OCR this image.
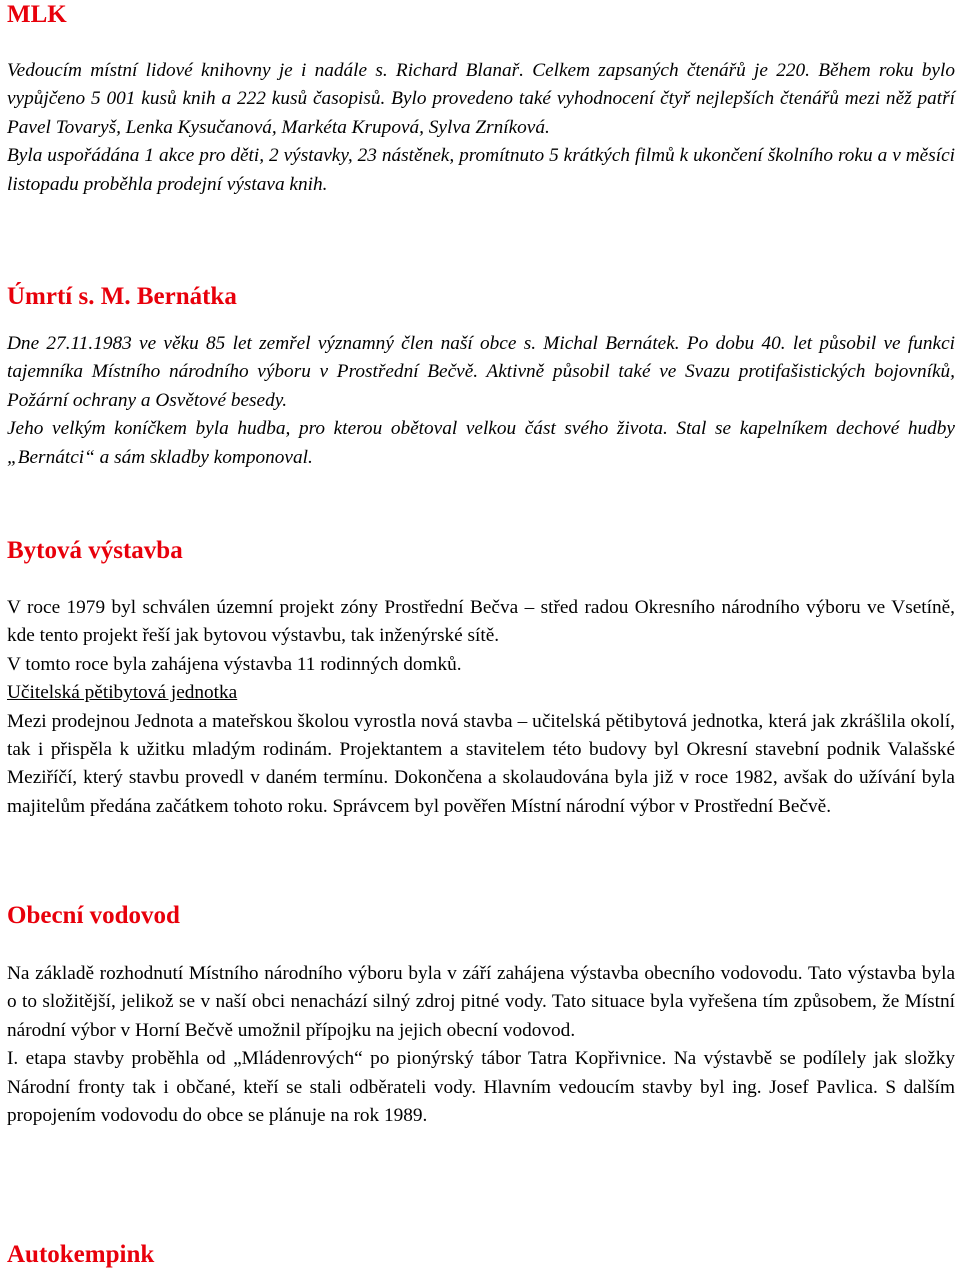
MLK

Vedoucím místní lidové knihovny je i nadále s. Richard Blanař. Celkem zapsaných čtenářů je 220. Během roku bylo vypůjčeno 5 001 kusů knih a 222 kusů časopisů. Bylo provedeno také vyhodnocení čtyř nejlepších čtenářů mezi něž patří Pavel Tovaryš, Lenka Kysučanová, Markéta Krupová, Sylva Zrníková.

Byla uspořádána 1 akce pro děti, 2 výstavky, 23 nástěnek, promítnuto 5 krátkých filmů k ukončení školního roku a v měsíci listopadu proběhla prodejní výstava knih.

Úmrtí s. M. Bernátka

Dne 27.11.1983 ve věku 85 let zemřel významný člen naší obce s. Michal Bernátek. Po dobu 40. let působil ve funkci tajemníka Místního národního výboru v Prostřední Bečvě. Aktivně působil také ve Svazu protifašistických bojovníků, Požární ochrany a Osvětové besedy.

Jeho velkým koníčkem byla hudba, pro kterou obětoval velkou část svého života. Stal se kapelníkem dechové hudby „Bernátci“ a sám skladby komponoval.

Bytová výstavba

V roce 1979 byl schválen územní projekt zóny Prostřední Bečva – střed radou Okresního národního výboru ve Vsetíně, kde tento projekt řeší jak bytovou výstavbu, tak inženýrské sítě.

V tomto roce byla zahájena výstavba 11 rodinných domků.

Učitelská pětibytová jednotka

Mezi prodejnou Jednota a mateřskou školou vyrostla nová stavba – učitelská pětibytová jednotka, která jak zkrášlila okolí, tak i přispěla k užitku mladým rodinám. Projektantem a stavitelem této budovy byl Okresní stavební podnik Valašské Meziříčí, který stavbu provedl v daném termínu. Dokončena a skolaudována byla již v roce 1982, avšak do užívání byla majitelům předána začátkem tohoto roku. Správcem byl pověřen Místní národní výbor v Prostřední Bečvě.

Obecní vodovod

Na základě rozhodnutí Místního národního výboru byla v září zahájena výstavba obecního vodovodu. Tato výstavba byla o to složitější, jelikož se v naší obci nenachází silný zdroj pitné vody. Tato situace byla vyřešena tím způsobem, že Místní národní výbor v Horní Bečvě umožnil přípojku na jejich obecní vodovod.

I. etapa stavby proběhla od „Mládenrových“ po pionýrský tábor Tatra Kopřivnice. Na výstavbě se podílely jak složky Národní fronty tak i občané, kteří se stali odběrateli vody. Hlavním vedoucím stavby byl ing. Josef Pavlica. S dalším propojením vodovodu do obce se plánuje na rok 1989.

Autokempink
